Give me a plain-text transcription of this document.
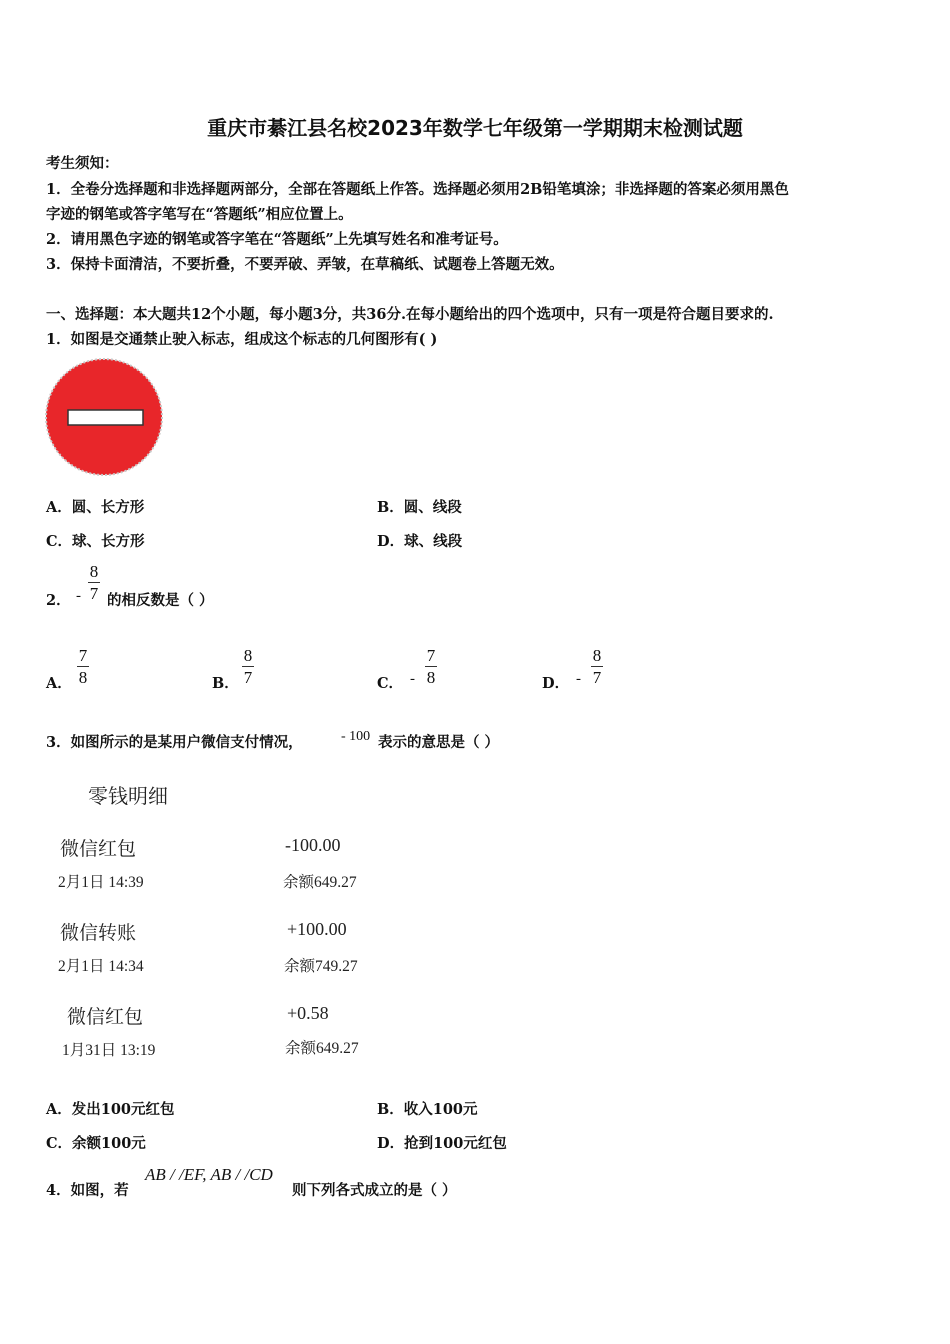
重庆市綦江县名校2023年数学七年级第一学期期末检测试题
考生须知：
1．全卷分选择题和非选择题两部分，全部在答题纸上作答。选择题必须用2B铅笔填涂；非选择题的答案必须用黑色
字迹的钢笔或答字笔写在“答题纸”相应位置上。
2．请用黑色字迹的钢笔或答字笔在“答题纸”上先填写姓名和准考证号。
3．保持卡面清洁，不要折叠，不要弄破、弄皱，在草稿纸、试题卷上答题无效。
一、选择题：本大题共12个小题，每小题3分，共36分.在每小题给出的四个选项中，只有一项是符合题目要求的.
1．如图是交通禁止驶入标志，组成这个标志的几何图形有( )
A．圆、长方形	B．圆、线段
C．球、长方形	D．球、线段
2． -
8
7 的相反数是（ ）
A．
7
8	B．
8
7	C． -
7
8	D． -
8
7
3．如图所示的是某用户微信支付情况，	- 100 表示的意思是（ ）
零钱明细
微信红包	-100.00
2月1日 14:39	余额649.27
微信转账	+100.00
2月1日 14:34	余额749.27
微信红包	+0.58
1月31日 13:19	余额649.27
A．发出100元红包	B．收入100元
C．余额100元	D．抢到100元红包
4．如图，若
AB / /EF, AB / /CD
则下列各式成立的是（ ）
